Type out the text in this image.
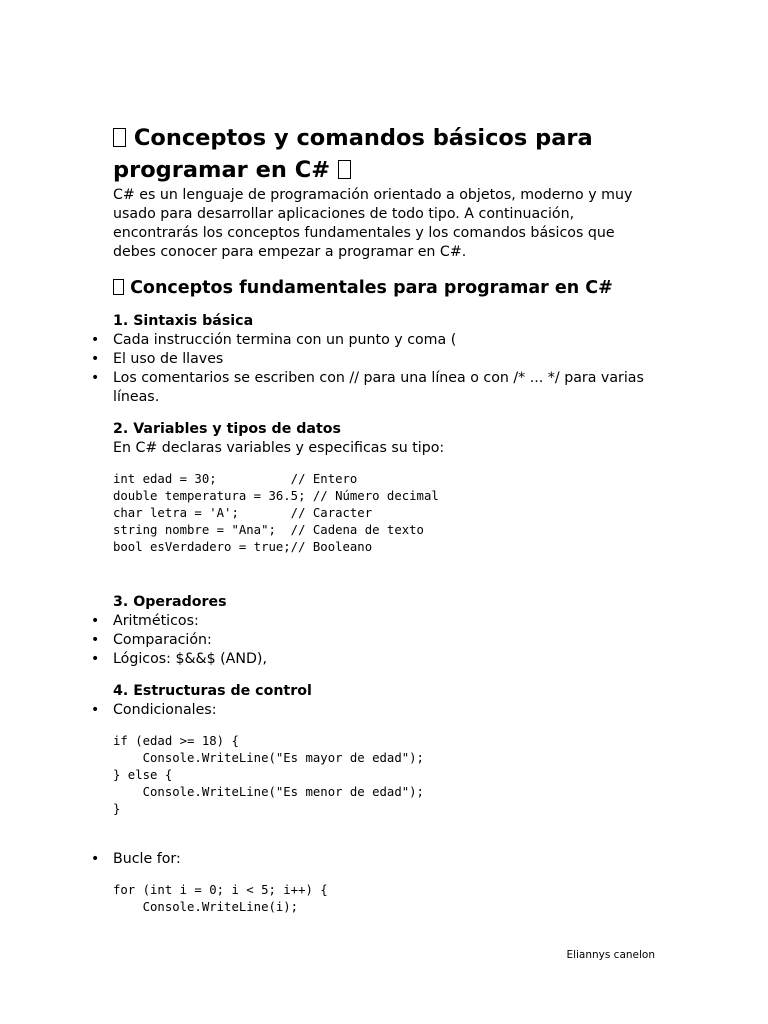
Conceptos y comandos básicos para programar en C#

C# es un lenguaje de programación orientado a objetos, moderno y muy usado para desarrollar aplicaciones de todo tipo. A continuación, encontrarás los conceptos fundamentales y los comandos básicos que debes conocer para empezar a programar en C#.

Conceptos fundamentales para programar en C#
1. Sintaxis básica
• Cada instrucción termina con un punto y coma (
• El uso de llaves
• Los comentarios se escriben con // para una línea o con /* ... */ para varias líneas.
2. Variables y tipos de datos

En C# declaras variables y especificas su tipo:

int edad = 30;          // Entero
double temperatura = 36.5; // Número decimal
char letra = 'A';       // Caracter
string nombre = "Ana";  // Cadena de texto
bool esVerdadero = true;// Booleano
3. Operadores
• Aritméticos:
• Comparación:
• Lógicos: $&&$ (AND),
4. Estructuras de control
• Condicionales:
if (edad >= 18) {
Console.WriteLine("Es mayor de edad");
} else {
Console.WriteLine("Es menor de edad");
}
• Bucle for:
for (int i = 0; i < 5; i++) {
Console.WriteLine(i);
Eliannys canelon
